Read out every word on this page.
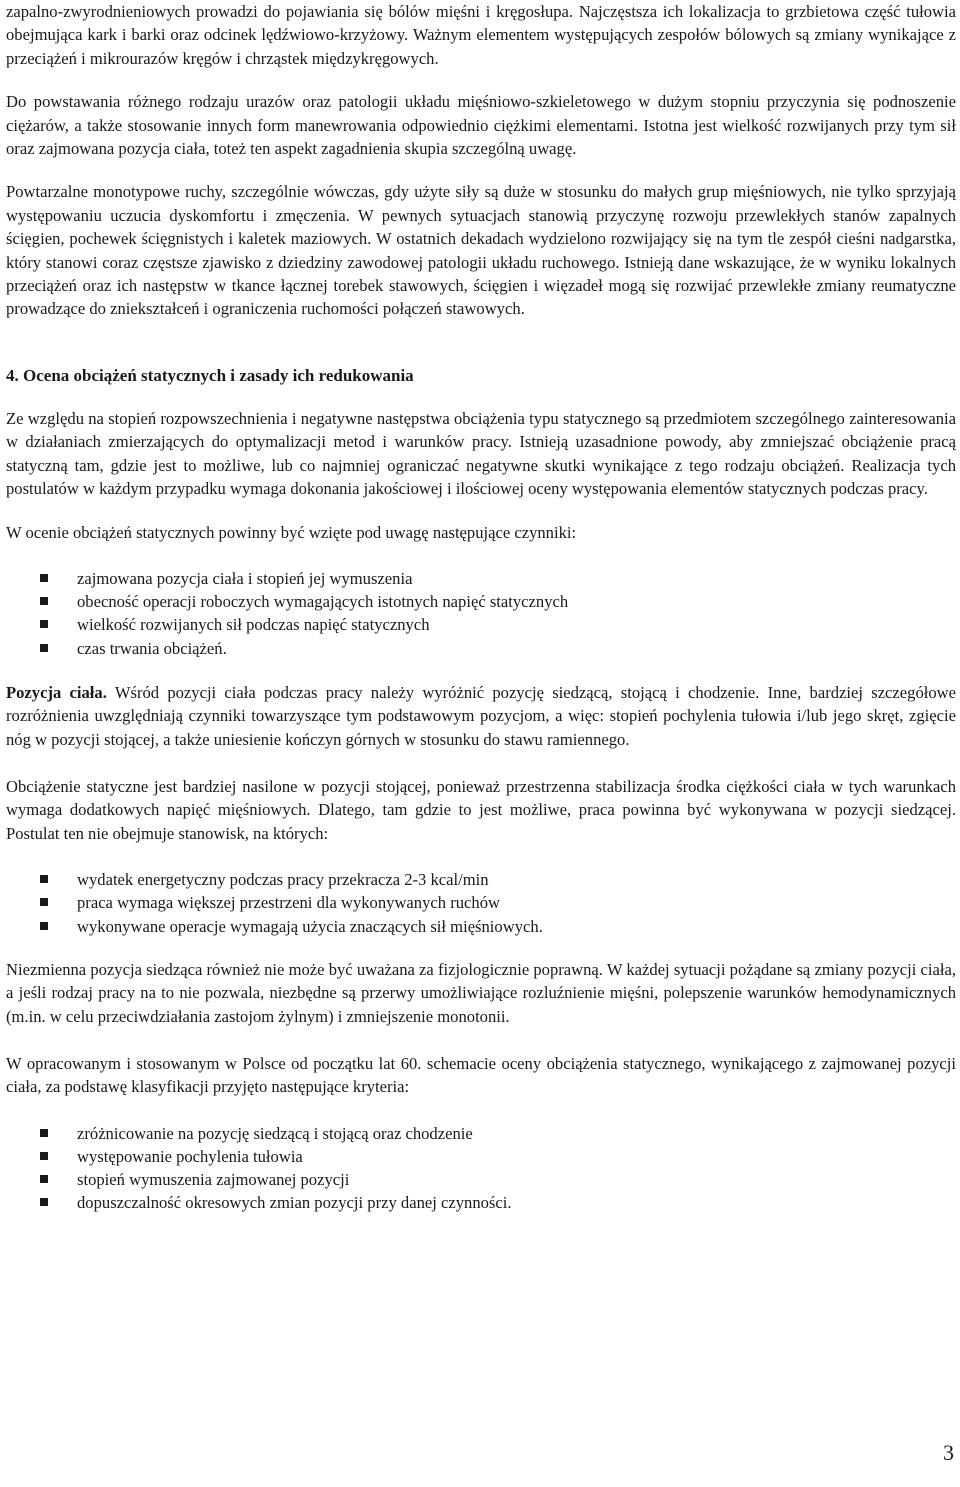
zapalno-zwyrodnieniowych prowadzi do pojawiania się bólów mięśni i kręgosłupa. Najczęstsza ich lokalizacja to grzbietowa część tułowia obejmująca kark i barki oraz odcinek lędźwiowo-krzyżowy. Ważnym elementem występujących zespołów bólowych są zmiany wynikające z przeciążeń i mikrourazów kręgów i chrząstek międzykręgowych.

Do powstawania różnego rodzaju urazów oraz patologii układu mięśniowo-szkieletowego w dużym stopniu przyczynia się podnoszenie ciężarów, a także stosowanie innych form manewrowania odpowiednio ciężkimi elementami. Istotna jest wielkość rozwijanych przy tym sił oraz zajmowana pozycja ciała, toteż ten aspekt zagadnienia skupia szczególną uwagę.

Powtarzalne monotypowe ruchy, szczególnie wówczas, gdy użyte siły są duże w stosunku do małych grup mięśniowych, nie tylko sprzyjają występowaniu uczucia dyskomfortu i zmęczenia. W pewnych sytuacjach stanowią przyczynę rozwoju przewlekłych stanów zapalnych ścięgien, pochewek ścięgnistych i kaletek maziowych. W ostatnich dekadach wydzielono rozwijający się na tym tle zespół cieśni nadgarstka, który stanowi coraz częstsze zjawisko z dziedziny zawodowej patologii układu ruchowego. Istnieją dane wskazujące, że w wyniku lokalnych przeciążeń oraz ich następstw w tkance łącznej torebek stawowych, ścięgien i więzadeł mogą się rozwijać przewlekłe zmiany reumatyczne prowadzące do zniekształceń i ograniczenia ruchomości połączeń stawowych.

4. Ocena obciążeń statycznych i zasady ich redukowania

Ze względu na stopień rozpowszechnienia i negatywne następstwa obciążenia typu statycznego są przedmiotem szczególnego zainteresowania w działaniach zmierzających do optymalizacji metod i warunków pracy. Istnieją uzasadnione powody, aby zmniejszać obciążenie pracą statyczną tam, gdzie jest to możliwe, lub co najmniej ograniczać negatywne skutki wynikające z tego rodzaju obciążeń. Realizacja tych postulatów w każdym przypadku wymaga dokonania jakościowej i ilościowej oceny występowania elementów statycznych podczas pracy.

W ocenie obciążeń statycznych powinny być wzięte pod uwagę następujące czynniki:

zajmowana pozycja ciała i stopień jej wymuszenia
obecność operacji roboczych wymagających istotnych napięć statycznych
wielkość rozwijanych sił podczas napięć statycznych
czas trwania obciążeń.

Pozycja ciała. Wśród pozycji ciała podczas pracy należy wyróżnić pozycję siedzącą, stojącą i chodzenie. Inne, bardziej szczegółowe rozróżnienia uwzględniają czynniki towarzyszące tym podstawowym pozycjom, a więc: stopień pochylenia tułowia i/lub jego skręt, zgięcie nóg w pozycji stojącej, a także uniesienie kończyn górnych w stosunku do stawu ramiennego.

Obciążenie statyczne jest bardziej nasilone w pozycji stojącej, ponieważ przestrzenna stabilizacja środka ciężkości ciała w tych warunkach wymaga dodatkowych napięć mięśniowych. Dlatego, tam gdzie to jest możliwe, praca powinna być wykonywana w pozycji siedzącej. Postulat ten nie obejmuje stanowisk, na których:

wydatek energetyczny podczas pracy przekracza 2-3 kcal/min
praca wymaga większej przestrzeni dla wykonywanych ruchów
wykonywane operacje wymagają użycia znaczących sił mięśniowych.

Niezmienna pozycja siedząca również nie może być uważana za fizjologicznie poprawną. W każdej sytuacji pożądane są zmiany pozycji ciała, a jeśli rodzaj pracy na to nie pozwala, niezbędne są przerwy umożliwiające rozluźnienie mięśni, polepszenie warunków hemodynamicznych (m.in. w celu przeciwdziałania zastojom żylnym) i zmniejszenie monotonii.

W opracowanym i stosowanym w Polsce od początku lat 60. schemacie oceny obciążenia statycznego, wynikającego z zajmowanej pozycji ciała, za podstawę klasyfikacji przyjęto następujące kryteria:

zróżnicowanie na pozycję siedzącą i stojącą oraz chodzenie
występowanie pochylenia tułowia
stopień wymuszenia zajmowanej pozycji
dopuszczalność okresowych zmian pozycji przy danej czynności.
3
